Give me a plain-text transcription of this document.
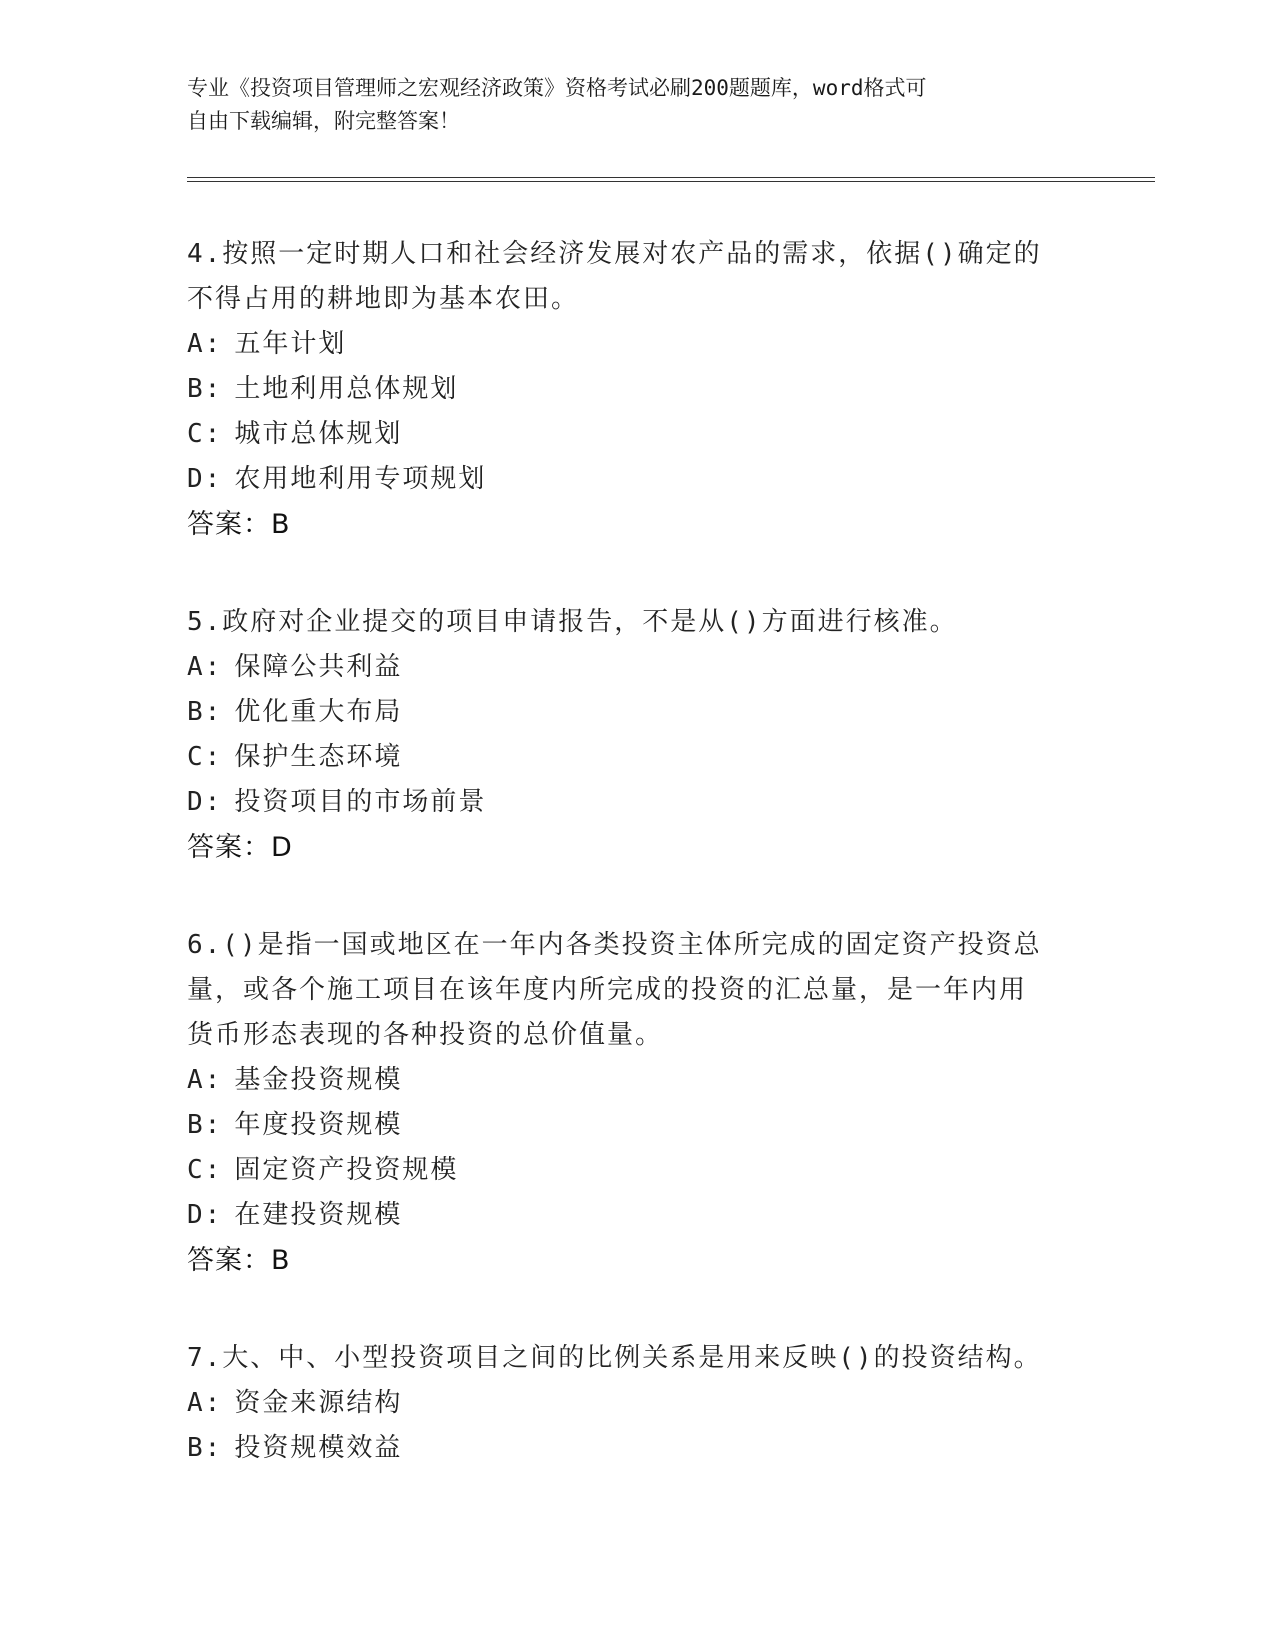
专业《投资项目管理师之宏观经济政策》资格考试必刷200题题库，word格式可
自由下载编辑，附完整答案！
4.按照一定时期人口和社会经济发展对农产品的需求，依据()确定的
不得占用的耕地即为基本农田。
A: 五年计划
B: 土地利用总体规划
C: 城市总体规划
D: 农用地利用专项规划
答案：B
5.政府对企业提交的项目申请报告，不是从()方面进行核准。
A: 保障公共利益
B: 优化重大布局
C: 保护生态环境
D: 投资项目的市场前景
答案：D
6.()是指一国或地区在一年内各类投资主体所完成的固定资产投资总
量，或各个施工项目在该年度内所完成的投资的汇总量，是一年内用
货币形态表现的各种投资的总价值量。
A: 基金投资规模
B: 年度投资规模
C: 固定资产投资规模
D: 在建投资规模
答案：B
7.大、中、小型投资项目之间的比例关系是用来反映()的投资结构。
A: 资金来源结构
B: 投资规模效益
